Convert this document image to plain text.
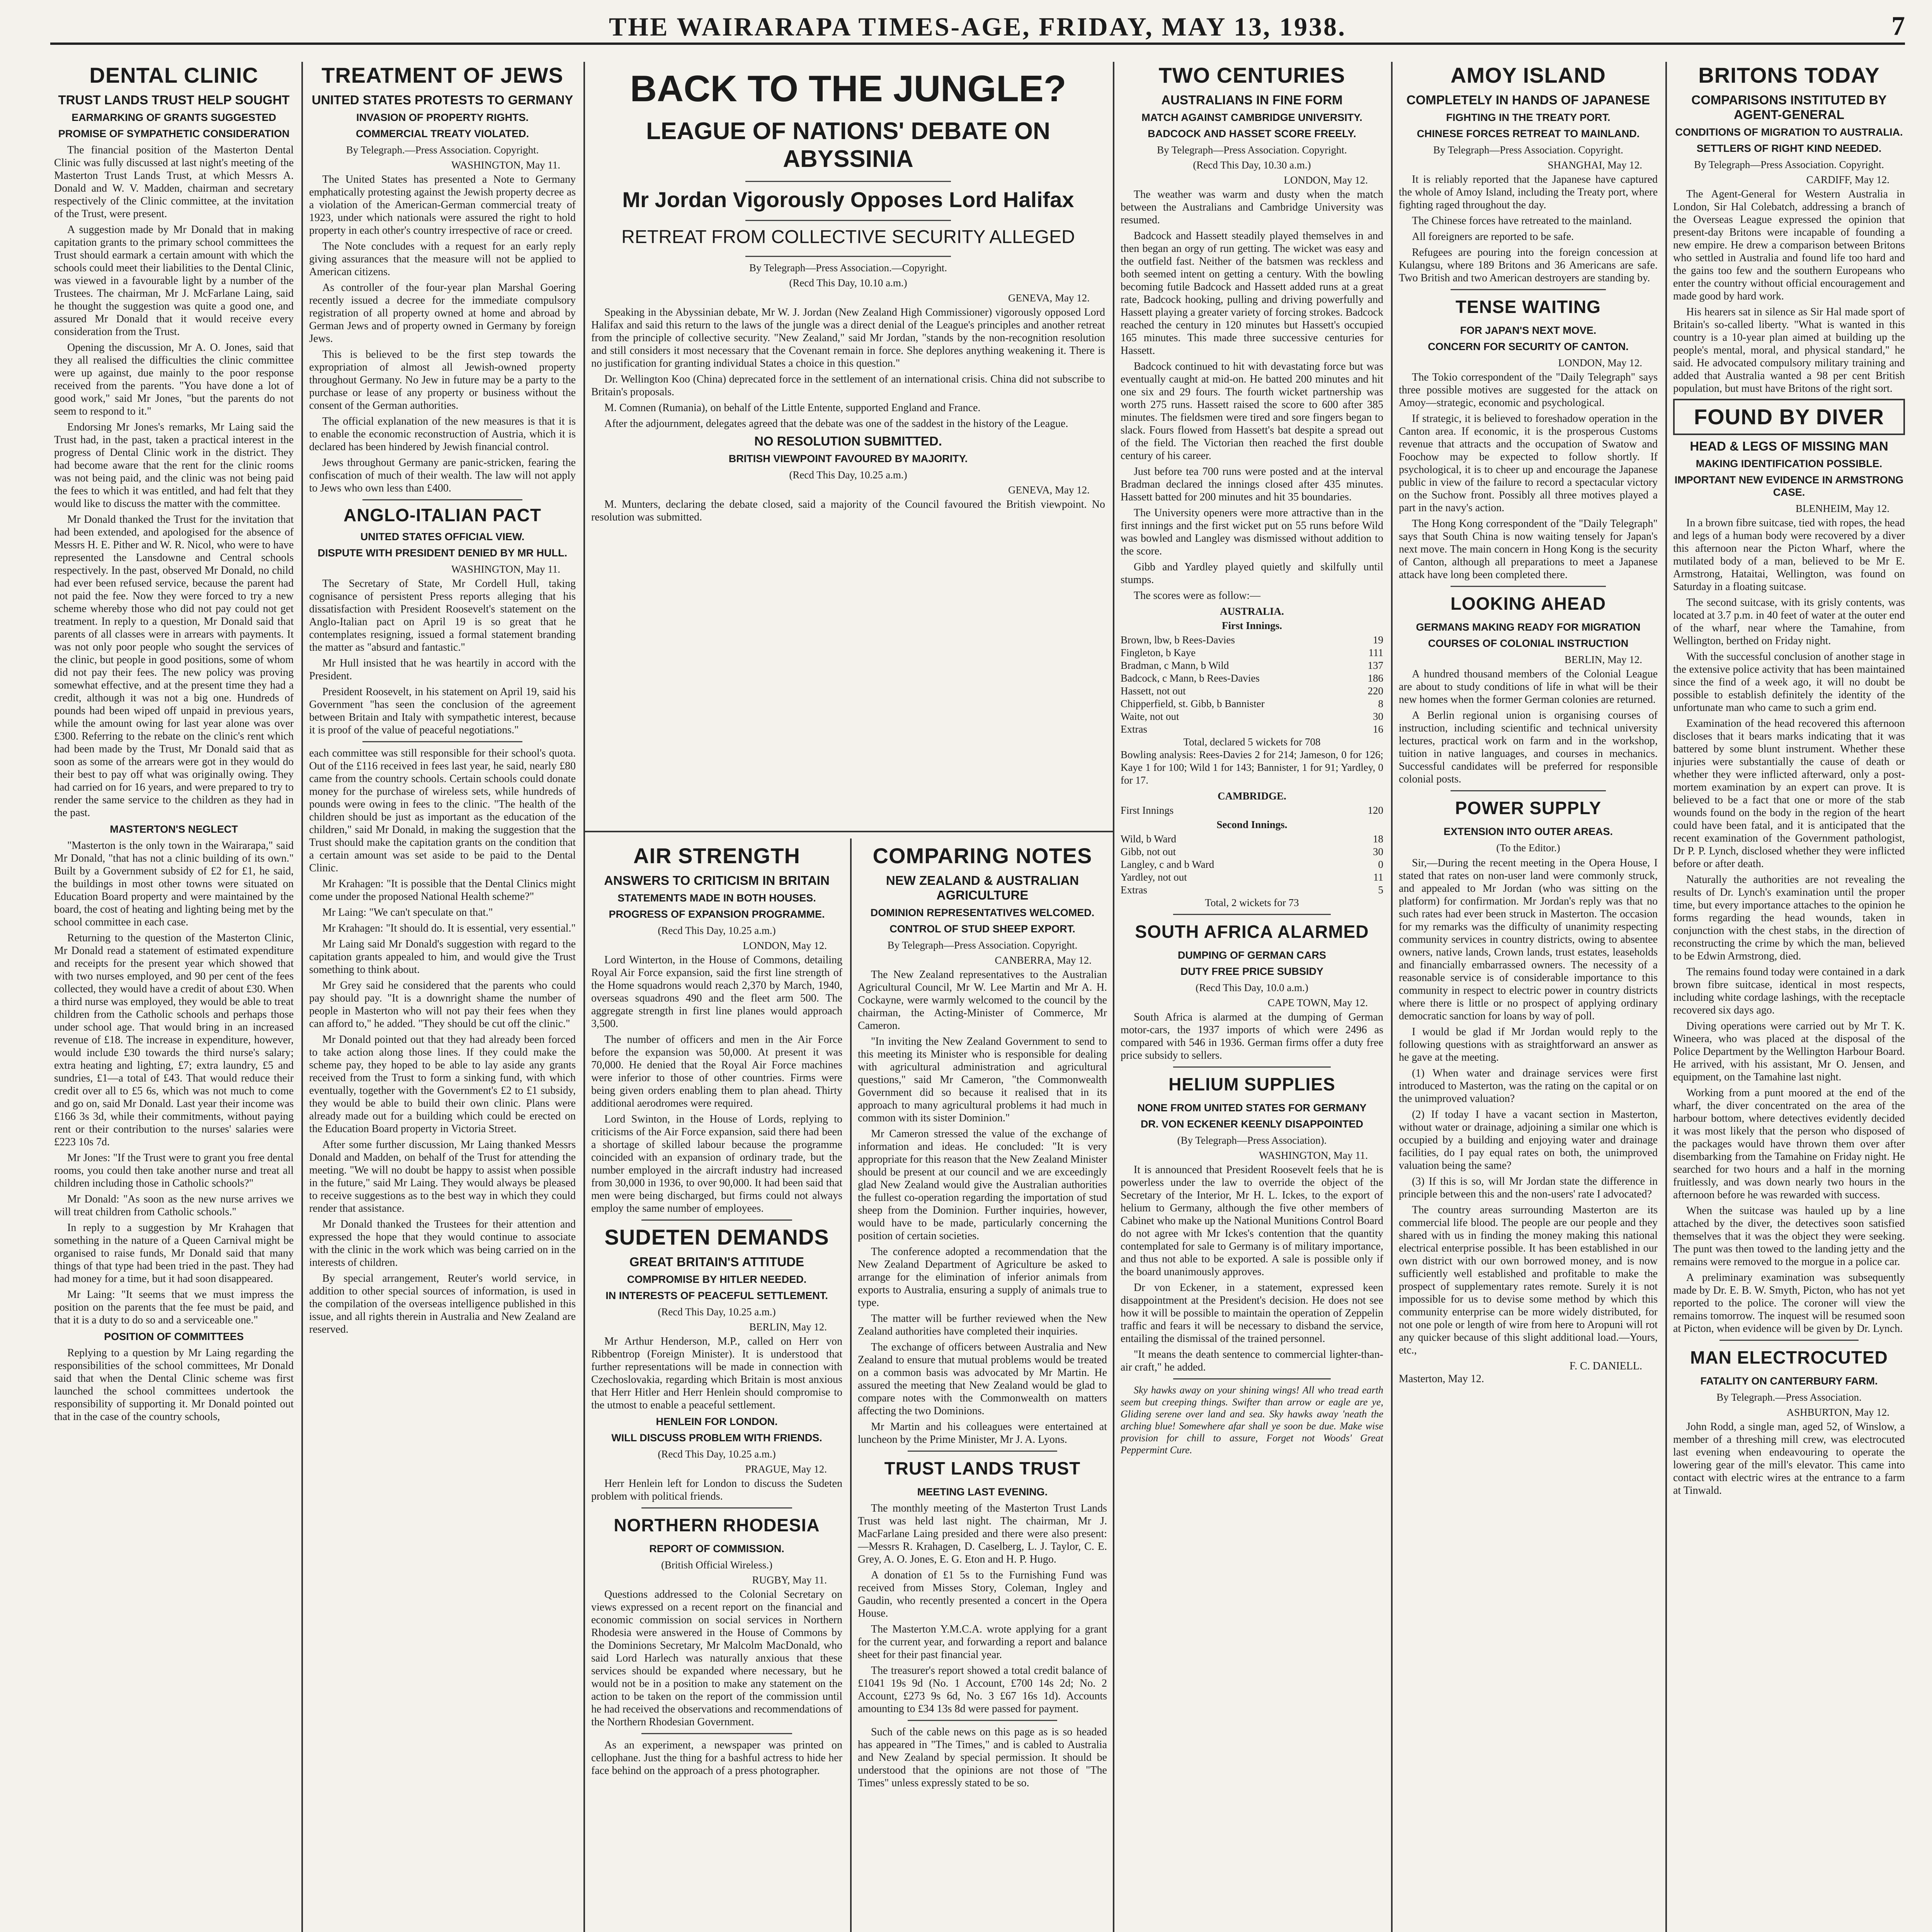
THE WAIRARAPA TIMES-AGE, FRIDAY, MAY 13, 1938.	7
DENTAL CLINIC
TRUST LANDS TRUST HELP SOUGHT
EARMARKING OF GRANTS SUGGESTED
PROMISE OF SYMPATHETIC CONSIDERATION

The financial position of the Masterton Dental Clinic was fully discussed at last night's meeting of the Masterton Trust Lands Trust, at which Messrs A. Donald and W. V. Madden, chairman and secretary respectively of the Clinic committee, at the invitation of the Trust, were present.

A suggestion made by Mr Donald that in making capitation grants to the primary school committees the Trust should earmark a certain amount with which the schools could meet their liabilities to the Dental Clinic, was viewed in a favourable light by a number of the Trustees. The chairman, Mr J. McFarlane Laing, said he thought the suggestion was quite a good one, and assured Mr Donald that it would receive every consideration from the Trust.

Opening the discussion, Mr A. O. Jones, said that they all realised the difficulties the clinic committee were up against, due mainly to the poor response received from the parents. "You have done a lot of good work," said Mr Jones, "but the parents do not seem to respond to it."

Endorsing Mr Jones's remarks, Mr Laing said the Trust had, in the past, taken a practical interest in the progress of Dental Clinic work in the district. They had become aware that the rent for the clinic rooms was not being paid, and the clinic was not being paid the fees to which it was entitled, and had felt that they would like to discuss the matter with the committee.

Mr Donald thanked the Trust for the invitation that had been extended, and apologised for the absence of Messrs H. E. Pither and W. R. Nicol, who were to have represented the Lansdowne and Central schools respectively. In the past, observed Mr Donald, no child had ever been refused service, because the parent had not paid the fee. Now they were forced to try a new scheme whereby those who did not pay could not get treatment. In reply to a question, Mr Donald said that parents of all classes were in arrears with payments. It was not only poor people who sought the services of the clinic, but people in good positions, some of whom did not pay their fees. The new policy was proving somewhat effective, and at the present time they had a credit, although it was not a big one. Hundreds of pounds had been wiped off unpaid in previous years, while the amount owing for last year alone was over £300. Referring to the rebate on the clinic's rent which had been made by the Trust, Mr Donald said that as soon as some of the arrears were got in they would do their best to pay off what was originally owing. They had carried on for 16 years, and were prepared to try to render the same service to the children as they had in the past.

MASTERTON'S NEGLECT

"Masterton is the only town in the Wairarapa," said Mr Donald, "that has not a clinic building of its own." Built by a Government subsidy of £2 for £1, he said, the buildings in most other towns were situated on Education Board property and were maintained by the board, the cost of heating and lighting being met by the school committee in each case.

Returning to the question of the Masterton Clinic, Mr Donald read a statement of estimated expenditure and receipts for the present year which showed that with two nurses employed, and 90 per cent of the fees collected, they would have a credit of about £30. When a third nurse was employed, they would be able to treat children from the Catholic schools and perhaps those under school age. That would bring in an increased revenue of £18. The increase in expenditure, however, would include £30 towards the third nurse's salary; extra heating and lighting, £7; extra laundry, £5 and sundries, £1—a total of £43. That would reduce their credit over all to £5 6s, which was not much to come and go on, said Mr Donald. Last year their income was £166 3s 3d, while their commitments, without paying rent or their contribution to the nurses' salaries were £223 10s 7d.

Mr Jones: "If the Trust were to grant you free dental rooms, you could then take another nurse and treat all children including those in Catholic schools?"

Mr Donald: "As soon as the new nurse arrives we will treat children from Catholic schools."

In reply to a suggestion by Mr Krahagen that something in the nature of a Queen Carnival might be organised to raise funds, Mr Donald said that many things of that type had been tried in the past. They had had money for a time, but it had soon disappeared.

Mr Laing: "It seems that we must impress the position on the parents that the fee must be paid, and that it is a duty to do so and a serviceable one."

POSITION OF COMMITTEES

Replying to a question by Mr Laing regarding the responsibilities of the school committees, Mr Donald said that when the Dental Clinic scheme was first launched the school committees undertook the responsibility of supporting it. Mr Donald pointed out that in the case of the country schools,

TREATMENT OF JEWS
UNITED STATES PROTESTS TO GERMANY
INVASION OF PROPERTY RIGHTS.
COMMERCIAL TREATY VIOLATED.
By Telegraph.—Press Association. Copyright.
WASHINGTON, May 11.

The United States has presented a Note to Germany emphatically protesting against the Jewish property decree as a violation of the American-German commercial treaty of 1923, under which nationals were assured the right to hold property in each other's country irrespective of race or creed.

The Note concludes with a request for an early reply giving assurances that the measure will not be applied to American citizens.

As controller of the four-year plan Marshal Goering recently issued a decree for the immediate compulsory registration of all property owned at home and abroad by German Jews and of property owned in Germany by foreign Jews.

This is believed to be the first step towards the expropriation of almost all Jewish-owned property throughout Germany. No Jew in future may be a party to the purchase or lease of any property or business without the consent of the German authorities.

The official explanation of the new measures is that it is to enable the economic reconstruction of Austria, which it is declared has been hindered by Jewish financial control.

Jews throughout Germany are panic-stricken, fearing the confiscation of much of their wealth. The law will not apply to Jews who own less than £400.

ANGLO-ITALIAN PACT
UNITED STATES OFFICIAL VIEW.
DISPUTE WITH PRESIDENT DENIED BY MR HULL.
WASHINGTON, May 11.

The Secretary of State, Mr Cordell Hull, taking cognisance of persistent Press reports alleging that his dissatisfaction with President Roosevelt's statement on the Anglo-Italian pact on April 19 is so great that he contemplates resigning, issued a formal statement branding the matter as "absurd and fantastic."

Mr Hull insisted that he was heartily in accord with the President.

President Roosevelt, in his statement on April 19, said his Government "has seen the conclusion of the agreement between Britain and Italy with sympathetic interest, because it is proof of the value of peaceful negotiations."

each committee was still responsible for their school's quota. Out of the £116 received in fees last year, he said, nearly £80 came from the country schools. Certain schools could donate money for the purchase of wireless sets, while hundreds of pounds were owing in fees to the clinic. "The health of the children should be just as important as the education of the children," said Mr Donald, in making the suggestion that the Trust should make the capitation grants on the condition that a certain amount was set aside to be paid to the Dental Clinic.

Mr Krahagen: "It is possible that the Dental Clinics might come under the proposed National Health scheme?"

Mr Laing: "We can't speculate on that."

Mr Krahagen: "It should do. It is essential, very essential."

Mr Laing said Mr Donald's suggestion with regard to the capitation grants appealed to him, and would give the Trust something to think about.

Mr Grey said he considered that the parents who could pay should pay. "It is a downright shame the number of people in Masterton who will not pay their fees when they can afford to," he added. "They should be cut off the clinic."

Mr Donald pointed out that they had already been forced to take action along those lines. If they could make the scheme pay, they hoped to be able to lay aside any grants received from the Trust to form a sinking fund, with which eventually, together with the Government's £2 to £1 subsidy, they would be able to build their own clinic. Plans were already made out for a building which could be erected on the Education Board property in Victoria Street.

After some further discussion, Mr Laing thanked Messrs Donald and Madden, on behalf of the Trust for attending the meeting. "We will no doubt be happy to assist when possible in the future," said Mr Laing. They would always be pleased to receive suggestions as to the best way in which they could render that assistance.

Mr Donald thanked the Trustees for their attention and expressed the hope that they would continue to associate with the clinic in the work which was being carried on in the interests of children.

By special arrangement, Reuter's world service, in addition to other special sources of information, is used in the compilation of the overseas intelligence published in this issue, and all rights therein in Australia and New Zealand are reserved.

BACK TO THE JUNGLE?
LEAGUE OF NATIONS' DEBATE ON ABYSSINIA
Mr Jordan Vigorously Opposes Lord Halifax
RETREAT FROM COLLECTIVE SECURITY ALLEGED
By Telegraph—Press Association.—Copyright.
(Recd This Day, 10.10 a.m.)
GENEVA, May 12.

Speaking in the Abyssinian debate, Mr W. J. Jordan (New Zealand High Commissioner) vigorously opposed Lord Halifax and said this return to the laws of the jungle was a direct denial of the League's principles and another retreat from the principle of collective security. "New Zealand," said Mr Jordan, "stands by the non-recognition resolution and still considers it most necessary that the Covenant remain in force. She deplores anything weakening it. There is no justification for granting individual States a choice in this question."

Dr. Wellington Koo (China) deprecated force in the settlement of an international crisis. China did not subscribe to Britain's proposals.

M. Comnen (Rumania), on behalf of the Little Entente, supported England and France.

After the adjournment, delegates agreed that the debate was one of the saddest in the history of the League.

NO RESOLUTION SUBMITTED.
BRITISH VIEWPOINT FAVOURED BY MAJORITY.
(Recd This Day, 10.25 a.m.)
GENEVA, May 12.

M. Munters, declaring the debate closed, said a majority of the Council favoured the British viewpoint. No resolution was submitted.

AIR STRENGTH
ANSWERS TO CRITICISM IN BRITAIN
STATEMENTS MADE IN BOTH HOUSES.
PROGRESS OF EXPANSION PROGRAMME.
(Recd This Day, 10.25 a.m.)
LONDON, May 12.

Lord Winterton, in the House of Commons, detailing Royal Air Force expansion, said the first line strength of the Home squadrons would reach 2,370 by March, 1940, overseas squadrons 490 and the fleet arm 500. The aggregate strength in first line planes would approach 3,500.

The number of officers and men in the Air Force before the expansion was 50,000. At present it was 70,000. He denied that the Royal Air Force machines were inferior to those of other countries. Firms were being given orders enabling them to plan ahead. Thirty additional aerodromes were required.

Lord Swinton, in the House of Lords, replying to criticisms of the Air Force expansion, said there had been a shortage of skilled labour because the programme coincided with an expansion of ordinary trade, but the number employed in the aircraft industry had increased from 30,000 in 1936, to over 90,000. It had been said that men were being discharged, but firms could not always employ the same number of employees.

SUDETEN DEMANDS
GREAT BRITAIN'S ATTITUDE
COMPROMISE BY HITLER NEEDED.
IN INTERESTS OF PEACEFUL SETTLEMENT.
(Recd This Day, 10.25 a.m.)
BERLIN, May 12.

Mr Arthur Henderson, M.P., called on Herr von Ribbentrop (Foreign Minister). It is understood that further representations will be made in connection with Czechoslovakia, regarding which Britain is most anxious that Herr Hitler and Herr Henlein should compromise to the utmost to enable a peaceful settlement.

HENLEIN FOR LONDON.
WILL DISCUSS PROBLEM WITH FRIENDS.
(Recd This Day, 10.25 a.m.)
PRAGUE, May 12.

Herr Henlein left for London to discuss the Sudeten problem with political friends.

NORTHERN RHODESIA
REPORT OF COMMISSION.
(British Official Wireless.)
RUGBY, May 11.

Questions addressed to the Colonial Secretary on views expressed on a recent report on the financial and economic commission on social services in Northern Rhodesia were answered in the House of Commons by the Dominions Secretary, Mr Malcolm MacDonald, who said Lord Harlech was naturally anxious that these services should be expanded where necessary, but he would not be in a position to make any statement on the action to be taken on the report of the commission until he had received the observations and recommendations of the Northern Rhodesian Government.

As an experiment, a newspaper was printed on cellophane. Just the thing for a bashful actress to hide her face behind on the approach of a press photographer.

COMPARING NOTES
NEW ZEALAND & AUSTRALIAN AGRICULTURE
DOMINION REPRESENTATIVES WELCOMED.
CONTROL OF STUD SHEEP EXPORT.
By Telegraph—Press Association. Copyright.
CANBERRA, May 12.

The New Zealand representatives to the Australian Agricultural Council, Mr W. Lee Martin and Mr A. H. Cockayne, were warmly welcomed to the council by the chairman, the Acting-Minister of Commerce, Mr Cameron.

"In inviting the New Zealand Government to send to this meeting its Minister who is responsible for dealing with agricultural administration and agricultural questions," said Mr Cameron, "the Commonwealth Government did so because it realised that in its approach to many agricultural problems it had much in common with its sister Dominion."

Mr Cameron stressed the value of the exchange of information and ideas. He concluded: "It is very appropriate for this reason that the New Zealand Minister should be present at our council and we are exceedingly glad New Zealand would give the Australian authorities the fullest co-operation regarding the importation of stud sheep from the Dominion. Further inquiries, however, would have to be made, particularly concerning the position of certain societies.

The conference adopted a recommendation that the New Zealand Department of Agriculture be asked to arrange for the elimination of inferior animals from exports to Australia, ensuring a supply of animals true to type.

The matter will be further reviewed when the New Zealand authorities have completed their inquiries.

The exchange of officers between Australia and New Zealand to ensure that mutual problems would be treated on a common basis was advocated by Mr Martin. He assured the meeting that New Zealand would be glad to compare notes with the Commonwealth on matters affecting the two Dominions.

Mr Martin and his colleagues were entertained at luncheon by the Prime Minister, Mr J. A. Lyons.

TRUST LANDS TRUST
MEETING LAST EVENING.

The monthly meeting of the Masterton Trust Lands Trust was held last night. The chairman, Mr J. MacFarlane Laing presided and there were also present:—Messrs R. Krahagen, D. Caselberg, L. J. Taylor, C. E. Grey, A. O. Jones, E. G. Eton and H. P. Hugo.

A donation of £1 5s to the Furnishing Fund was received from Misses Story, Coleman, Ingley and Gaudin, who recently presented a concert in the Opera House.

The Masterton Y.M.C.A. wrote applying for a grant for the current year, and forwarding a report and balance sheet for their past financial year.

The treasurer's report showed a total credit balance of £1041 19s 9d (No. 1 Account, £700 14s 2d; No. 2 Account, £273 9s 6d, No. 3 £67 16s 1d). Accounts amounting to £34 13s 8d were passed for payment.

Such of the cable news on this page as is so headed has appeared in "The Times," and is cabled to Australia and New Zealand by special permission. It should be understood that the opinions are not those of "The Times" unless expressly stated to be so.

TWO CENTURIES
AUSTRALIANS IN FINE FORM
MATCH AGAINST CAMBRIDGE UNIVERSITY.
BADCOCK AND HASSET SCORE FREELY.
By Telegraph—Press Association. Copyright.
(Recd This Day, 10.30 a.m.)
LONDON, May 12.

The weather was warm and dusty when the match between the Australians and Cambridge University was resumed.

Badcock and Hassett steadily played themselves in and then began an orgy of run getting. The wicket was easy and the outfield fast. Neither of the batsmen was reckless and both seemed intent on getting a century. With the bowling becoming futile Badcock and Hassett added runs at a great rate, Badcock hooking, pulling and driving powerfully and Hassett playing a greater variety of forcing strokes. Badcock reached the century in 120 minutes but Hassett's occupied 165 minutes. This made three successive centuries for Hassett.

Badcock continued to hit with devastating force but was eventually caught at mid-on. He batted 200 minutes and hit one six and 29 fours. The fourth wicket partnership was worth 275 runs. Hassett raised the score to 600 after 385 minutes. The fieldsmen were tired and sore fingers began to slack. Fours flowed from Hassett's bat despite a spread out of the field. The Victorian then reached the first double century of his career.

Just before tea 700 runs were posted and at the interval Bradman declared the innings closed after 435 minutes. Hassett batted for 200 minutes and hit 35 boundaries.

The University openers were more attractive than in the first innings and the first wicket put on 55 runs before Wild was bowled and Langley was dismissed without addition to the score.

Gibb and Yardley played quietly and skilfully until stumps.

The scores were as follow:—

AUSTRALIA.
First Innings.
Brown, lbw, b Rees-Davies	19
Fingleton, b Kaye	111
Bradman, c Mann, b Wild	137
Badcock, c Mann, b Rees-Davies	186
Hassett, not out	220
Chipperfield, st. Gibb, b Bannister	8
Waite, not out	30
Extras	16
Total, declared 5 wickets for 708

Bowling analysis: Rees-Davies 2 for 214; Jameson, 0 for 126; Kaye 1 for 100; Wild 1 for 143; Bannister, 1 for 91; Yardley, 0 for 17.

CAMBRIDGE.
First Innings	120
Second Innings.
Wild, b Ward	18
Gibb, not out	30
Langley, c and b Ward	0
Yardley, not out	11
Extras	5
Total, 2 wickets for 73
SOUTH AFRICA ALARMED
DUMPING OF GERMAN CARS
DUTY FREE PRICE SUBSIDY
(Recd This Day, 10.0 a.m.)
CAPE TOWN, May 12.

South Africa is alarmed at the dumping of German motor-cars, the 1937 imports of which were 2496 as compared with 546 in 1936. German firms offer a duty free price subsidy to sellers.

HELIUM SUPPLIES
NONE FROM UNITED STATES FOR GERMANY
DR. VON ECKENER KEENLY DISAPPOINTED
(By Telegraph—Press Association).
WASHINGTON, May 11.

It is announced that President Roosevelt feels that he is powerless under the law to override the object of the Secretary of the Interior, Mr H. L. Ickes, to the export of helium to Germany, although the five other members of Cabinet who make up the National Munitions Control Board do not agree with Mr Ickes's contention that the quantity contemplated for sale to Germany is of military importance, and thus not able to be exported. A sale is possible only if the board unanimously approves.

Dr von Eckener, in a statement, expressed keen disappointment at the President's decision. He does not see how it will be possible to maintain the operation of Zeppelin traffic and fears it will be necessary to disband the service, entailing the dismissal of the trained personnel.

"It means the death sentence to commercial lighter-than-air craft," he added.

Sky hawks away on your shining wings! All who tread earth seem but creeping things. Swifter than arrow or eagle are ye, Gliding serene over land and sea. Sky hawks away 'neath the arching blue! Somewhere afar shall ye soon be due. Make wise provision for chill to assure, Forget not Woods' Great Peppermint Cure.

AMOY ISLAND
COMPLETELY IN HANDS OF JAPANESE
FIGHTING IN THE TREATY PORT.
CHINESE FORCES RETREAT TO MAINLAND.
By Telegraph—Press Association. Copyright.
SHANGHAI, May 12.

It is reliably reported that the Japanese have captured the whole of Amoy Island, including the Treaty port, where fighting raged throughout the day.

The Chinese forces have retreated to the mainland.

All foreigners are reported to be safe.

Refugees are pouring into the foreign concession at Kulangsu, where 189 Britons and 36 Americans are safe. Two British and two American destroyers are standing by.

TENSE WAITING
FOR JAPAN'S NEXT MOVE.
CONCERN FOR SECURITY OF CANTON.
LONDON, May 12.

The Tokio correspondent of the "Daily Telegraph" says three possible motives are suggested for the attack on Amoy—strategic, economic and psychological.

If strategic, it is believed to foreshadow operation in the Canton area. If economic, it is the prosperous Customs revenue that attracts and the occupation of Swatow and Foochow may be expected to follow shortly. If psychological, it is to cheer up and encourage the Japanese public in view of the failure to record a spectacular victory on the Suchow front. Possibly all three motives played a part in the navy's action.

The Hong Kong correspondent of the "Daily Telegraph" says that South China is now waiting tensely for Japan's next move. The main concern in Hong Kong is the security of Canton, although all preparations to meet a Japanese attack have long been completed there.

LOOKING AHEAD
GERMANS MAKING READY FOR MIGRATION
COURSES OF COLONIAL INSTRUCTION
BERLIN, May 12.

A hundred thousand members of the Colonial League are about to study conditions of life in what will be their new homes when the former German colonies are returned.

A Berlin regional union is organising courses of instruction, including scientific and technical university lectures, practical work on farm and in the workshop, tuition in native languages, and courses in mechanics. Successful candidates will be preferred for responsible colonial posts.

POWER SUPPLY
EXTENSION INTO OUTER AREAS.
(To the Editor.)

Sir,—During the recent meeting in the Opera House, I stated that rates on non-user land were commonly struck, and appealed to Mr Jordan (who was sitting on the platform) for confirmation. Mr Jordan's reply was that no such rates had ever been struck in Masterton. The occasion for my remarks was the difficulty of unanimity respecting community services in country districts, owing to absentee owners, native lands, Crown lands, trust estates, leaseholds and financially embarrassed owners. The necessity of a reasonable service is of considerable importance to this community in respect to electric power in country districts where there is little or no prospect of applying ordinary democratic sanction for loans by way of poll.

I would be glad if Mr Jordan would reply to the following questions with as straightforward an answer as he gave at the meeting.

(1) When water and drainage services were first introduced to Masterton, was the rating on the capital or on the unimproved valuation?

(2) If today I have a vacant section in Masterton, without water or drainage, adjoining a similar one which is occupied by a building and enjoying water and drainage facilities, do I pay equal rates on both, the unimproved valuation being the same?

(3) If this is so, will Mr Jordan state the difference in principle between this and the non-users' rate I advocated?

The country areas surrounding Masterton are its commercial life blood. The people are our people and they shared with us in finding the money making this national electrical enterprise possible. It has been established in our own district with our own borrowed money, and is now sufficiently well established and profitable to make the prospect of supplementary rates remote. Surely it is not impossible for us to devise some method by which this community enterprise can be more widely distributed, for not one pole or length of wire from here to Aropuni will rot any quicker because of this slight additional load.—Yours, etc.,

F. C. DANIELL.
Masterton, May 12.
BRITONS TODAY
COMPARISONS INSTITUTED BY AGENT-GENERAL
CONDITIONS OF MIGRATION TO AUSTRALIA.
SETTLERS OF RIGHT KIND NEEDED.
By Telegraph—Press Association. Copyright.
CARDIFF, May 12.

The Agent-General for Western Australia in London, Sir Hal Colebatch, addressing a branch of the Overseas League expressed the opinion that present-day Britons were incapable of founding a new empire. He drew a comparison between Britons who settled in Australia and found life too hard and the gains too few and the southern Europeans who enter the country without official encouragement and made good by hard work.

His hearers sat in silence as Sir Hal made sport of Britain's so-called liberty. "What is wanted in this country is a 10-year plan aimed at building up the people's mental, moral, and physical standard," he said. He advocated compulsory military training and added that Australia wanted a 98 per cent British population, but must have Britons of the right sort.

FOUND BY DIVER
HEAD & LEGS OF MISSING MAN
MAKING IDENTIFICATION POSSIBLE.
IMPORTANT NEW EVIDENCE IN ARMSTRONG CASE.
BLENHEIM, May 12.

In a brown fibre suitcase, tied with ropes, the head and legs of a human body were recovered by a diver this afternoon near the Picton Wharf, where the mutilated body of a man, believed to be Mr E. Armstrong, Hataitai, Wellington, was found on Saturday in a floating suitcase.

The second suitcase, with its grisly contents, was located at 3.7 p.m. in 40 feet of water at the outer end of the wharf, near where the Tamahine, from Wellington, berthed on Friday night.

With the successful conclusion of another stage in the extensive police activity that has been maintained since the find of a week ago, it will no doubt be possible to establish definitely the identity of the unfortunate man who came to such a grim end.

Examination of the head recovered this afternoon discloses that it bears marks indicating that it was battered by some blunt instrument. Whether these injuries were substantially the cause of death or whether they were inflicted afterward, only a post-mortem examination by an expert can prove. It is believed to be a fact that one or more of the stab wounds found on the body in the region of the heart could have been fatal, and it is anticipated that the recent examination of the Government pathologist, Dr P. P. Lynch, disclosed whether they were inflicted before or after death.

Naturally the authorities are not revealing the results of Dr. Lynch's examination until the proper time, but every importance attaches to the opinion he forms regarding the head wounds, taken in conjunction with the chest stabs, in the direction of reconstructing the crime by which the man, believed to be Edwin Armstrong, died.

The remains found today were contained in a dark brown fibre suitcase, identical in most respects, including white cordage lashings, with the receptacle recovered six days ago.

Diving operations were carried out by Mr T. K. Wineera, who was placed at the disposal of the Police Department by the Wellington Harbour Board. He arrived, with his assistant, Mr O. Jensen, and equipment, on the Tamahine last night.

Working from a punt moored at the end of the wharf, the diver concentrated on the area of the harbour bottom, where detectives evidently decided it was most likely that the person who disposed of the packages would have thrown them over after disembarking from the Tamahine on Friday night. He searched for two hours and a half in the morning fruitlessly, and was down nearly two hours in the afternoon before he was rewarded with success.

When the suitcase was hauled up by a line attached by the diver, the detectives soon satisfied themselves that it was the object they were seeking. The punt was then towed to the landing jetty and the remains were removed to the morgue in a police car.

A preliminary examination was subsequently made by Dr. E. B. W. Smyth, Picton, who has not yet reported to the police. The coroner will view the remains tomorrow. The inquest will be resumed soon at Picton, when evidence will be given by Dr. Lynch.

MAN ELECTROCUTED
FATALITY ON CANTERBURY FARM.
By Telegraph.—Press Association.
ASHBURTON, May 12.

John Rodd, a single man, aged 52, of Winslow, a member of a threshing mill crew, was electrocuted last evening when endeavouring to operate the lowering gear of the mill's elevator. This came into contact with electric wires at the entrance to a farm at Tinwald.
